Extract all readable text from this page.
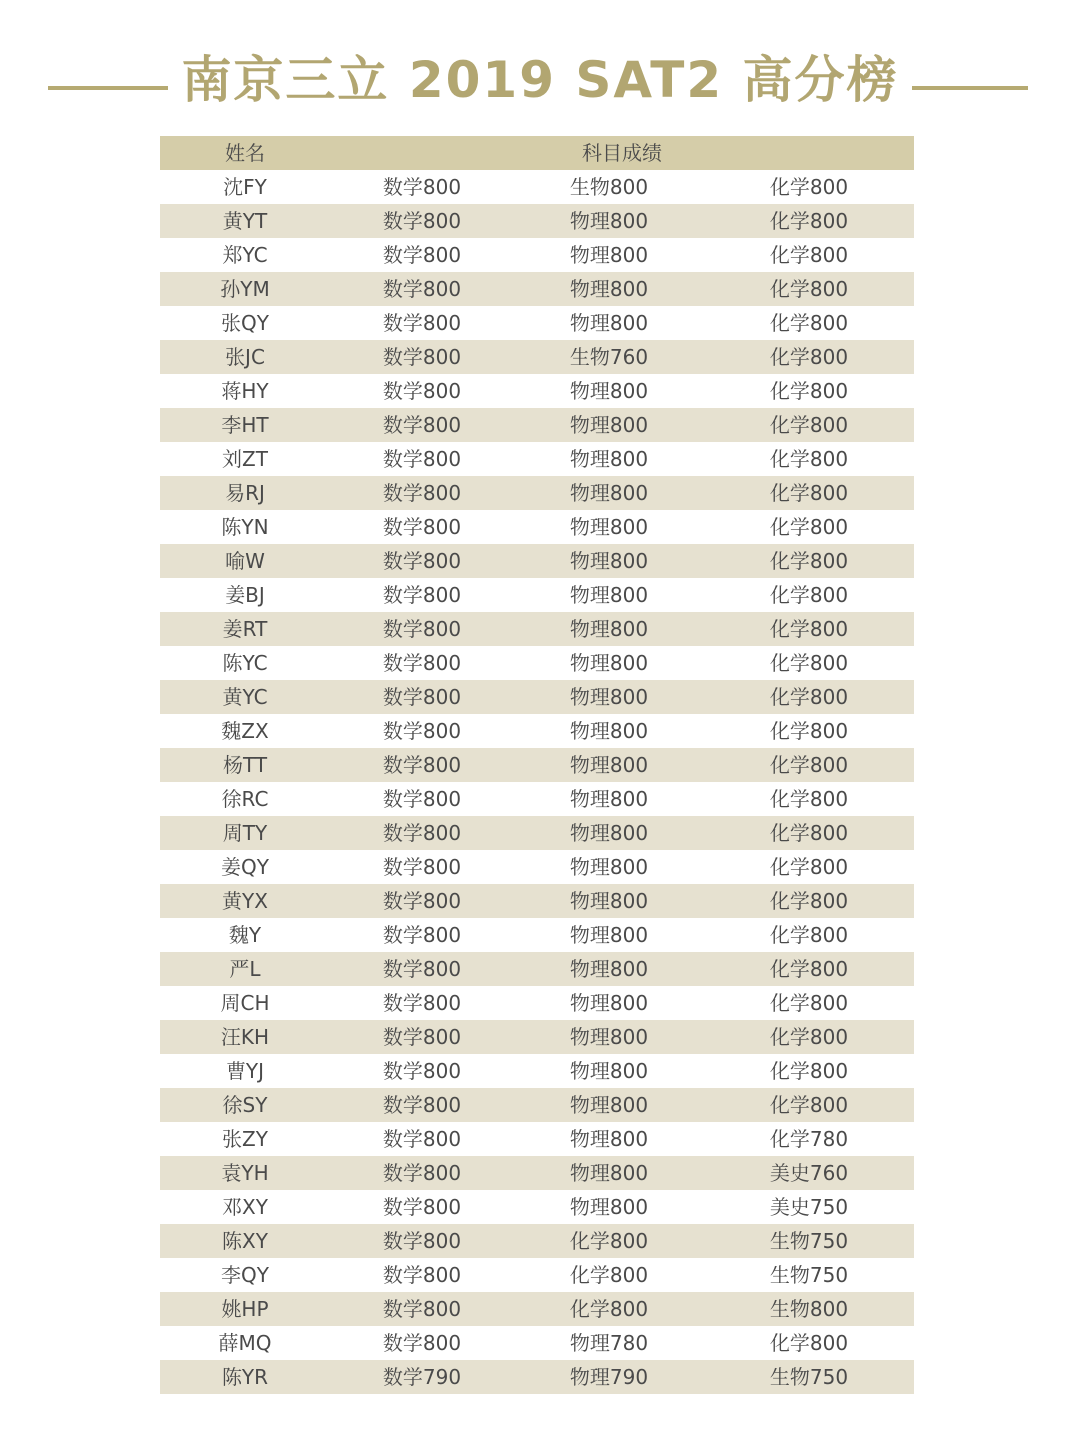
南京三立 2019 SAT2 高分榜
姓名	科目成绩
沈FY	数学800	生物800	化学800
黄YT	数学800	物理800	化学800
郑YC	数学800	物理800	化学800
孙YM	数学800	物理800	化学800
张QY	数学800	物理800	化学800
张JC	数学800	生物760	化学800
蒋HY	数学800	物理800	化学800
李HT	数学800	物理800	化学800
刘ZT	数学800	物理800	化学800
易RJ	数学800	物理800	化学800
陈YN	数学800	物理800	化学800
喻W	数学800	物理800	化学800
姜BJ	数学800	物理800	化学800
姜RT	数学800	物理800	化学800
陈YC	数学800	物理800	化学800
黄YC	数学800	物理800	化学800
魏ZX	数学800	物理800	化学800
杨TT	数学800	物理800	化学800
徐RC	数学800	物理800	化学800
周TY	数学800	物理800	化学800
姜QY	数学800	物理800	化学800
黄YX	数学800	物理800	化学800
魏Y	数学800	物理800	化学800
严L	数学800	物理800	化学800
周CH	数学800	物理800	化学800
汪KH	数学800	物理800	化学800
曹YJ	数学800	物理800	化学800
徐SY	数学800	物理800	化学800
张ZY	数学800	物理800	化学780
袁YH	数学800	物理800	美史760
邓XY	数学800	物理800	美史750
陈XY	数学800	化学800	生物750
李QY	数学800	化学800	生物750
姚HP	数学800	化学800	生物800
薛MQ	数学800	物理780	化学800
陈YR	数学790	物理790	生物750
